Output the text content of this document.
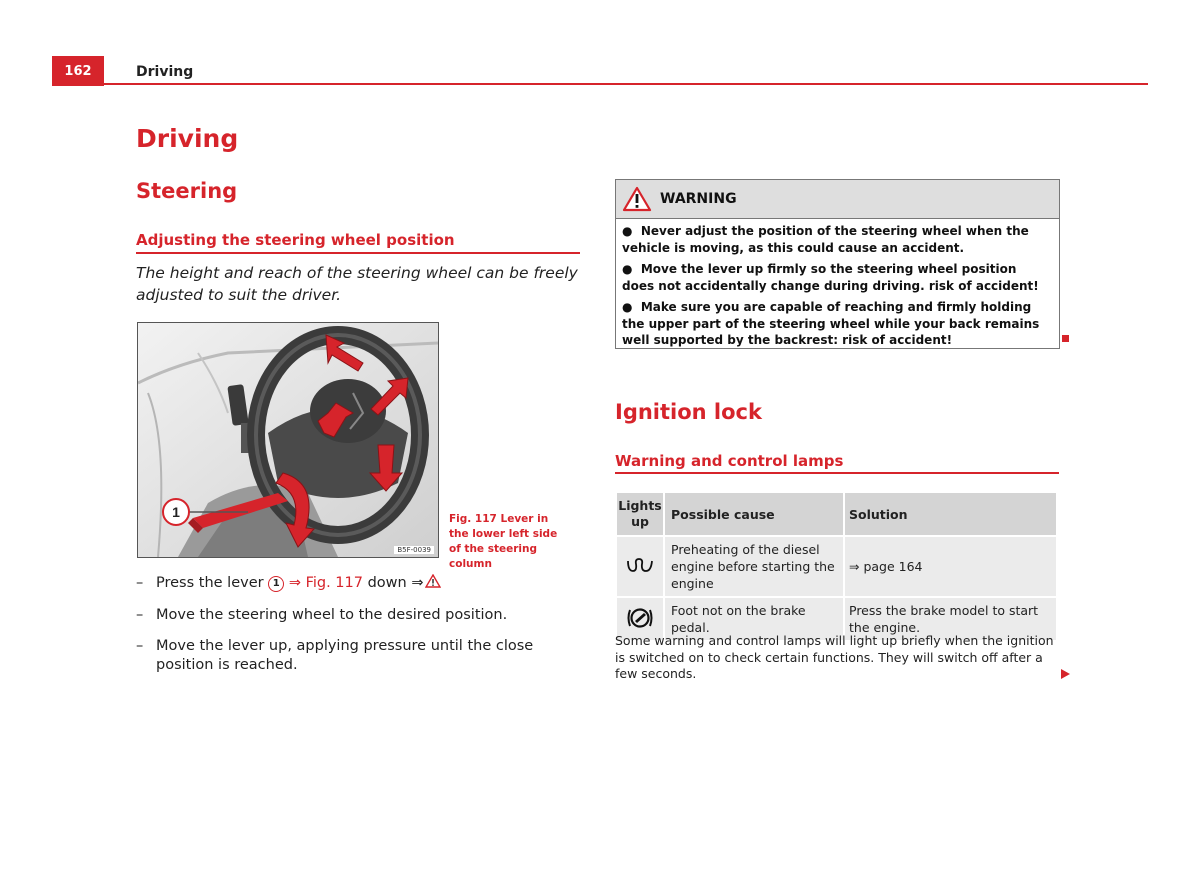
162	Driving
Driving
Steering
Adjusting the steering wheel position
The height and reach of the steering wheel can be freely adjusted to suit the driver.
1
B5F-0039
Fig. 117 Lever in the lower left side of the steering column
– Press the lever 1 ⇒ Fig. 117 down ⇒
– Move the steering wheel to the desired position.
– Move the lever up, applying pressure until the close position is reached.
WARNING
●  Never adjust the position of the steering wheel when the vehicle is moving, as this could cause an accident.
●  Move the lever up firmly so the steering wheel position does not accidentally change during driving. risk of accident!
●  Make sure you are capable of reaching and firmly holding the upper part of the steering wheel while your back remains well supported by the backrest: risk of accident!
Ignition lock
Warning and control lamps
Lights up	Possible cause	Solution
	Preheating of the diesel engine before starting the engine	⇒ page 164
	Foot not on the brake pedal.	Press the brake model to start the engine.
Some warning and control lamps will light up briefly when the ignition is switched on to check certain functions. They will switch off after a few seconds.
